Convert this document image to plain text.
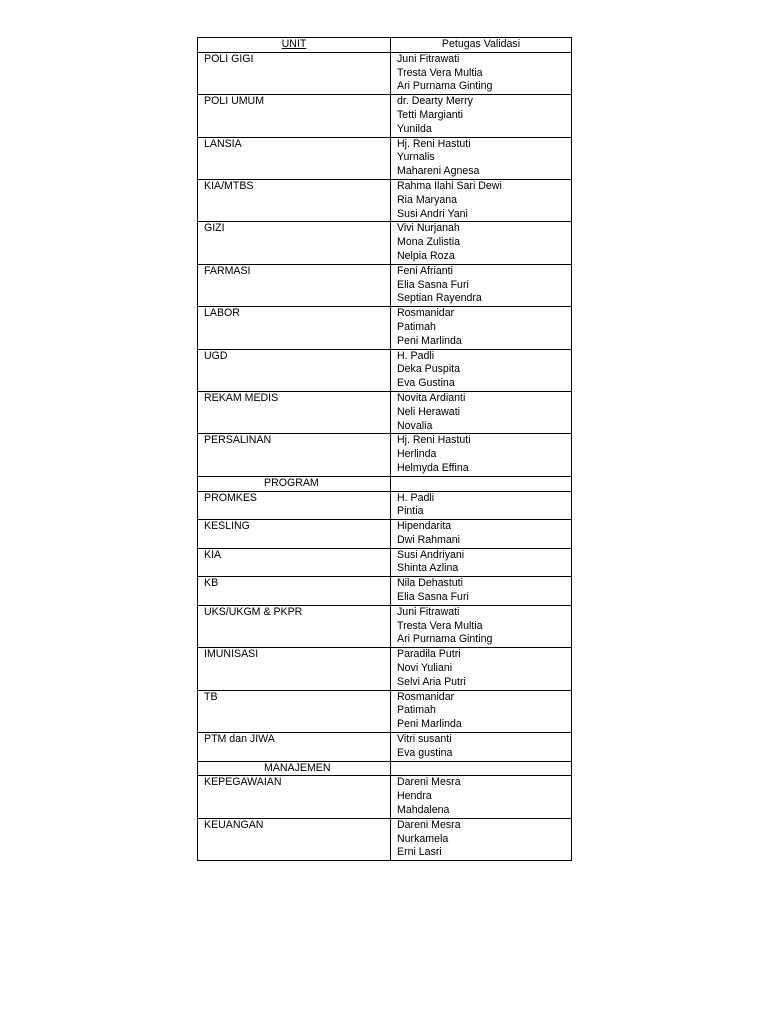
UNIT	Petugas Validasi
POLI GIGI	Juni Fitrawati
Tresta Vera Multia
Ari Purnama Ginting

POLI UMUM	dr. Dearty Merry
Tetti Margianti
Yunilda

LANSIA	Hj. Reni Hastuti
Yurnalis
Mahareni Agnesa

KIA/MTBS	Rahma Ilahi Sari Dewi
Ria Maryana
Susi Andri Yani

GIZI	Vivi Nurjanah
Mona Zulistia
Nelpia Roza

FARMASI	Feni Afrianti
Elia Sasna Furi
Septian Rayendra

LABOR	Rosmanidar
Patimah
Peni Marlinda

UGD	H. Padli
Deka Puspita
Eva Gustina

REKAM MEDIS	Novita Ardianti
Neli Herawati
Novalia

PERSALINAN	Hj. Reni Hastuti
Herlinda
Helmyda Effina

PROGRAM	
PROMKES	H. Padli
Pintia

KESLING	Hipendarita
Dwi Rahmani

KIA	Susi Andriyani
Shinta Azlina

KB	Nila Dehastuti
Elia Sasna Furi

UKS/UKGM & PKPR	Juni Fitrawati
Tresta Vera Multia
Ari Purnama Ginting

IMUNISASI	Paradila Putri
Novi Yuliani
Selvi Aria Putri

TB	Rosmanidar
Patimah
Peni Marlinda

PTM dan JIWA	Vitri susanti
Eva gustina

MANAJEMEN	
KEPEGAWAIAN	Dareni Mesra
Hendra
Mahdalena

KEUANGAN	Dareni Mesra
Nurkamela
Erni Lasri
